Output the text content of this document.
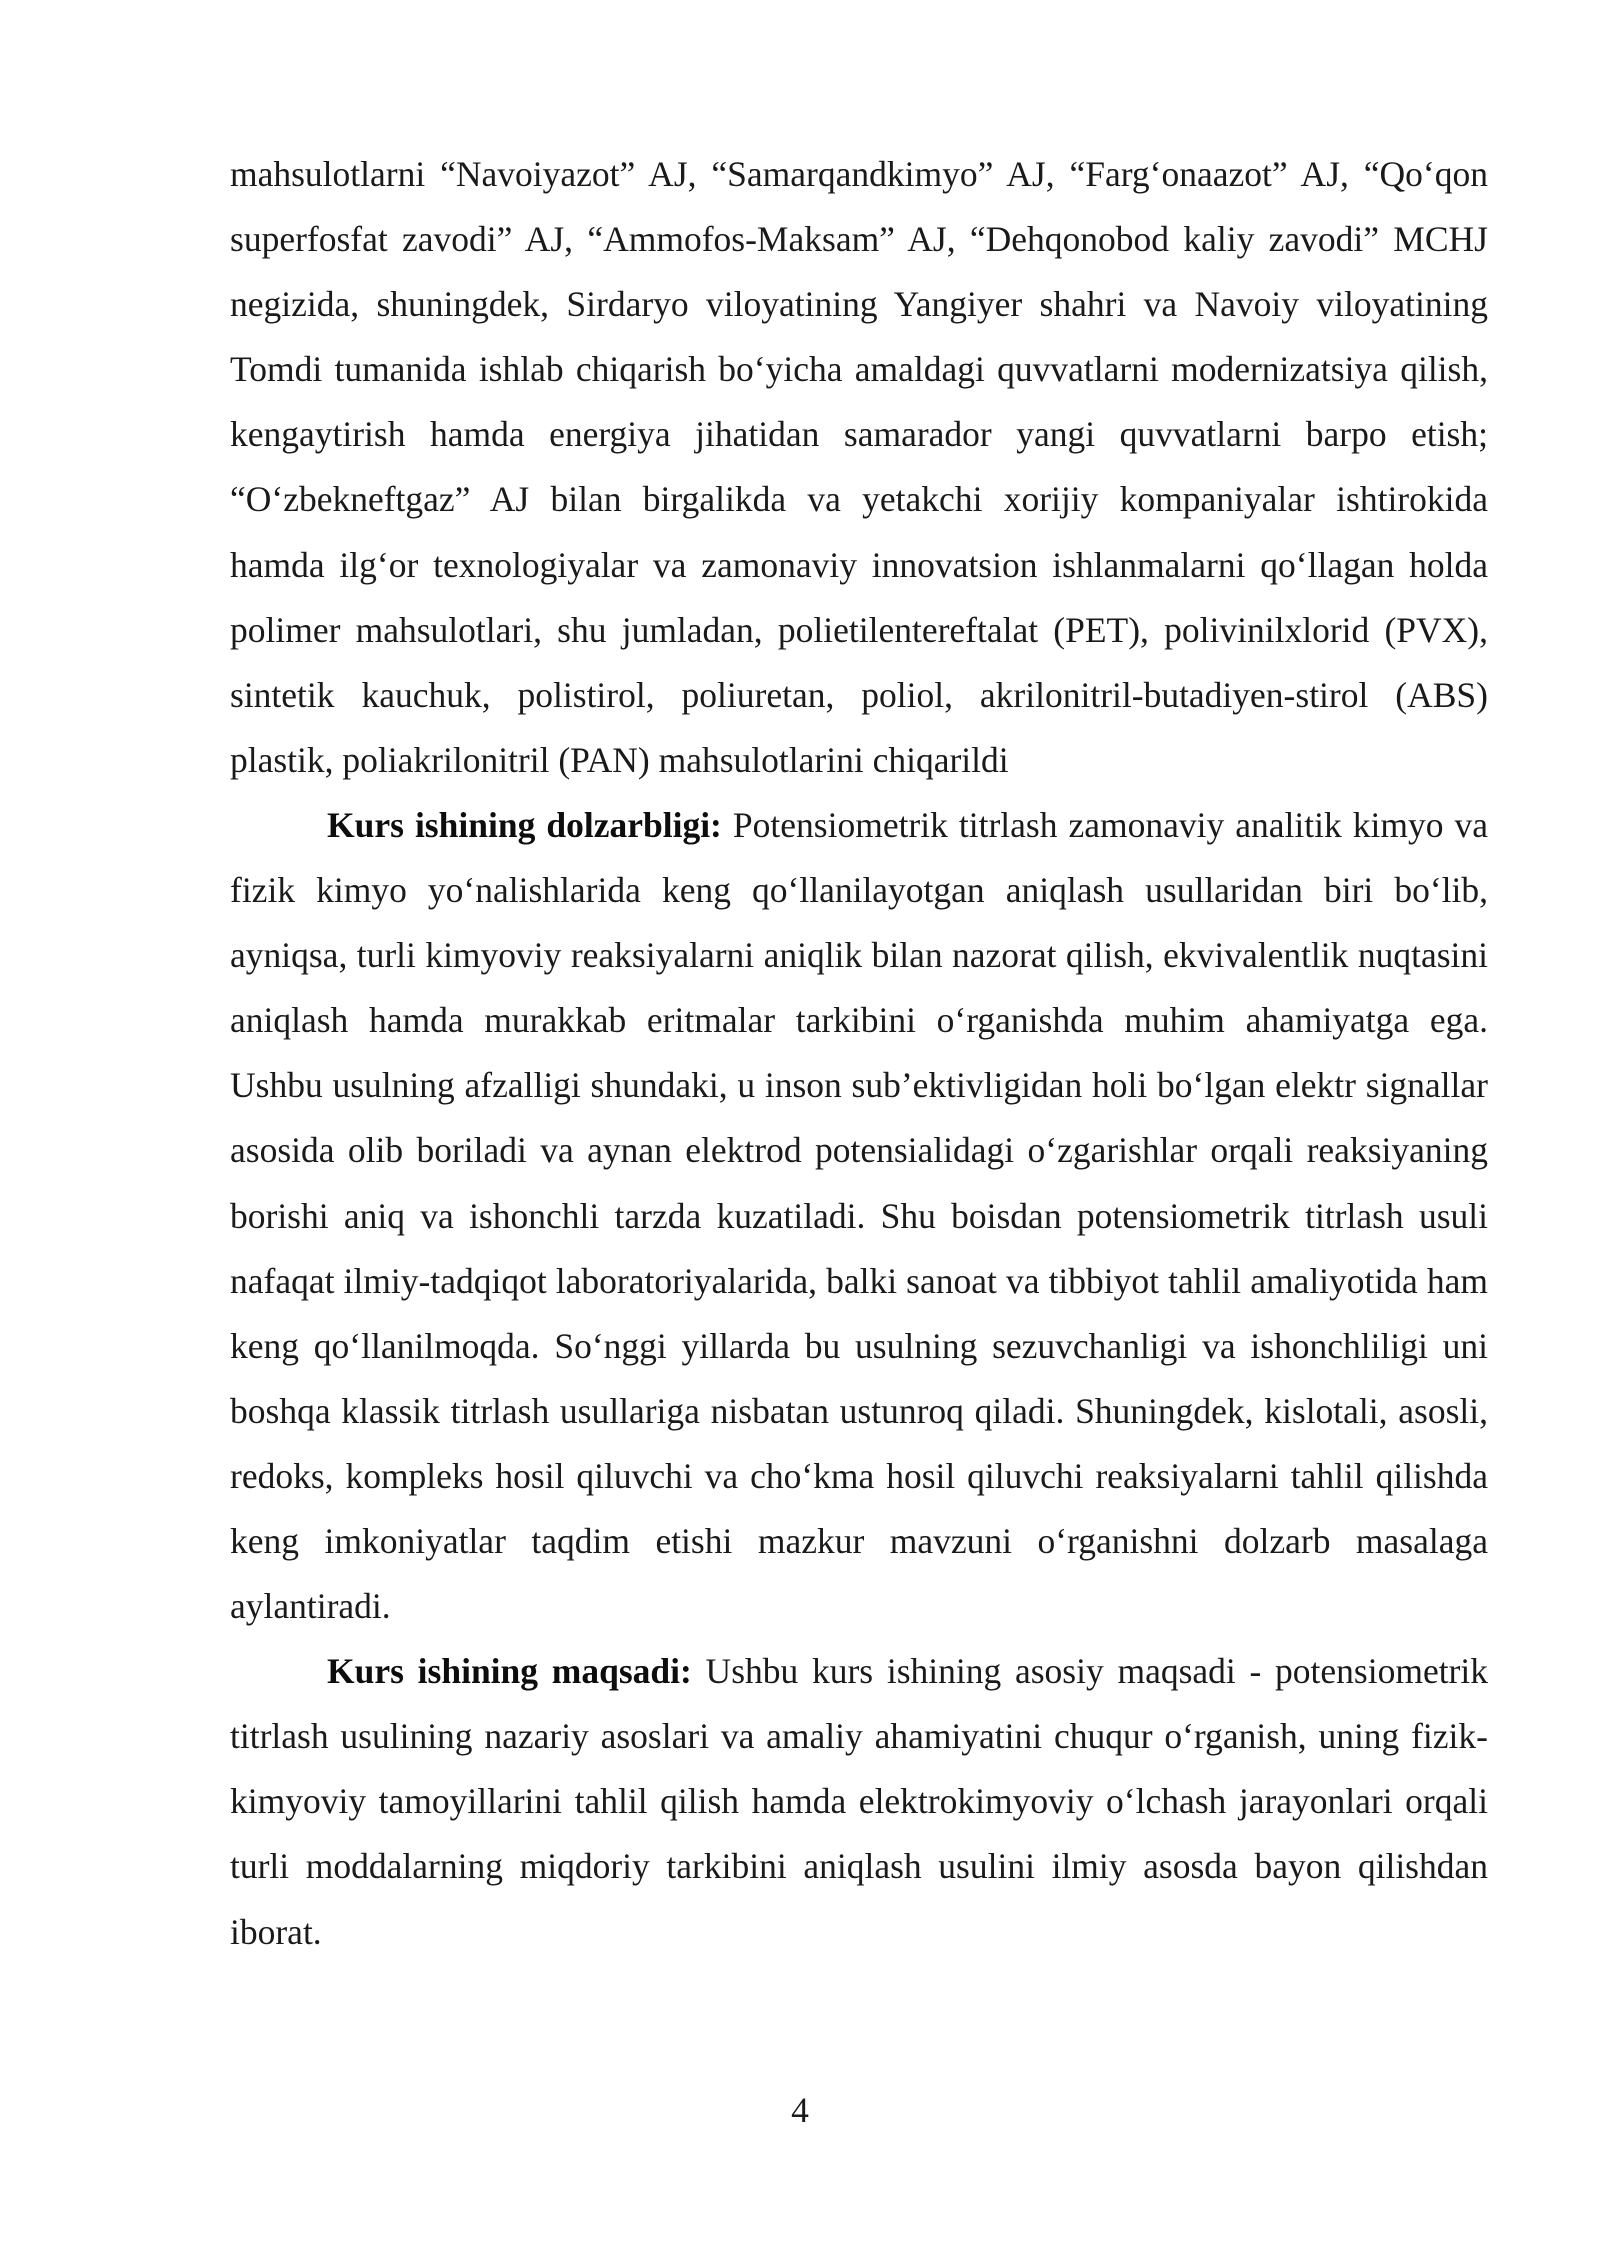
mahsulotlarni “Navoiyazot” AJ, “Samarqandkimyo” AJ, “Farg‘onaazot” AJ, “Qo‘qon superfosfat zavodi” AJ, “Ammofos-Maksam” AJ, “Dehqonobod kaliy zavodi” MCHJ negizida, shuningdek, Sirdaryo viloyatining Yangiyer shahri va Navoiy viloyatining Tomdi tumanida ishlab chiqarish bo‘yicha amaldagi quvvatlarni modernizatsiya qilish, kengaytirish hamda energiya jihatidan samarador yangi quvvatlarni barpo etish; “O‘zbekneftgaz” AJ bilan birgalikda va yetakchi xorijiy kompaniyalar ishtirokida hamda ilg‘or texnologiyalar va zamonaviy innovatsion ishlanmalarni qo‘llagan holda polimer mahsulotlari, shu jumladan, polietilentereftalat (PET), polivinilxlorid (PVX), sintetik kauchuk, polistirol, poliuretan, poliol, akrilonitril-butadiyen-stirol (ABS) plastik, poliakrilonitril (PAN) mahsulotlarini chiqarildi

Kurs ishining dolzarbligi: Potensiometrik titrlash zamonaviy analitik kimyo va fizik kimyo yo‘nalishlarida keng qo‘llanilayotgan aniqlash usullaridan biri bo‘lib, ayniqsa, turli kimyoviy reaksiyalarni aniqlik bilan nazorat qilish, ekvivalentlik nuqtasini aniqlash hamda murakkab eritmalar tarkibini o‘rganishda muhim ahamiyatga ega. Ushbu usulning afzalligi shundaki, u inson sub’ektivligidan holi bo‘lgan elektr signallar asosida olib boriladi va aynan elektrod potensialidagi o‘zgarishlar orqali reaksiyaning borishi aniq va ishonchli tarzda kuzatiladi. Shu boisdan potensiometrik titrlash usuli nafaqat ilmiy-tadqiqot laboratoriyalarida, balki sanoat va tibbiyot tahlil amaliyotida ham keng qo‘llanilmoqda. So‘nggi yillarda bu usulning sezuvchanligi va ishonchliligi uni boshqa klassik titrlash usullariga nisbatan ustunroq qiladi. Shuningdek, kislotali, asosli, redoks, kompleks hosil qiluvchi va cho‘kma hosil qiluvchi reaksiyalarni tahlil qilishda keng imkoniyatlar taqdim etishi mazkur mavzuni o‘rganishni dolzarb masalaga aylantiradi.

Kurs ishining maqsadi: Ushbu kurs ishining asosiy maqsadi - potensiometrik titrlash usulining nazariy asoslari va amaliy ahamiyatini chuqur o‘rganish, uning fizik-kimyoviy tamoyillarini tahlil qilish hamda elektrokimyoviy o‘lchash jarayonlari orqali turli moddalarning miqdoriy tarkibini aniqlash usulini ilmiy asosda bayon qilishdan iborat.

4
